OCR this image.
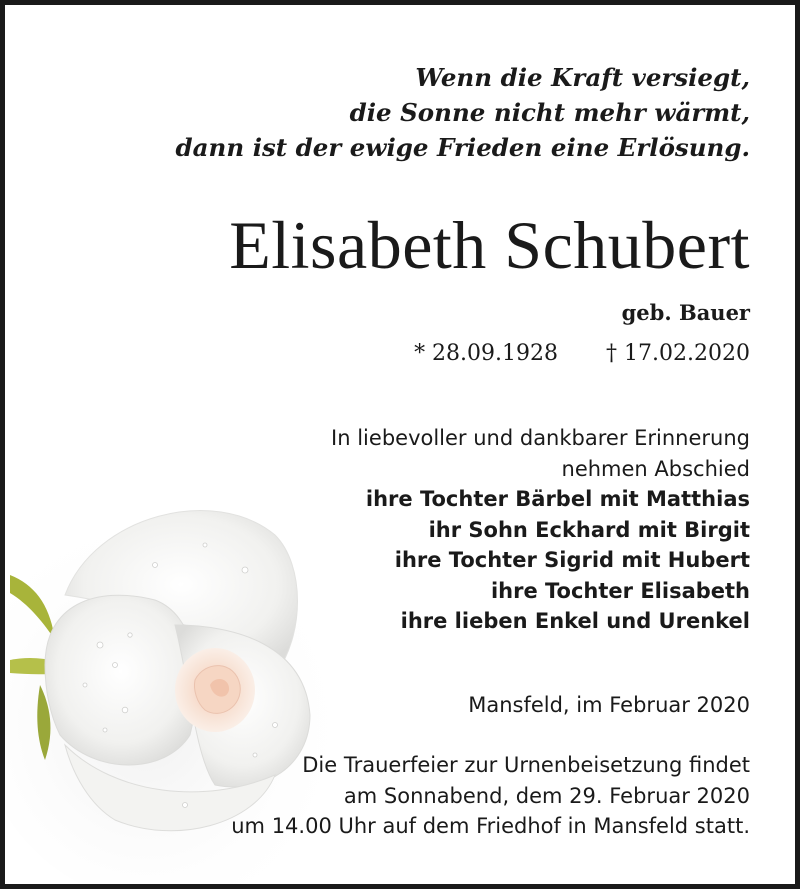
Wenn die Kraft versiegt,
die Sonne nicht mehr wärmt,
dann ist der ewige Frieden eine Erlösung.
Elisabeth Schubert
geb. Bauer
* 28.09.1928 † 17.02.2020
In liebevoller und dankbarer Erinnerung
nehmen Abschied
ihre Tochter Bärbel mit Matthias
ihr Sohn Eckhard mit Birgit
ihre Tochter Sigrid mit Hubert
ihre Tochter Elisabeth
ihre lieben Enkel und Urenkel
Mansfeld, im Februar 2020
Die Trauerfeier zur Urnenbeisetzung findet
am Sonnabend, dem 29. Februar 2020
um 14.00 Uhr auf dem Friedhof in Mansfeld statt.
